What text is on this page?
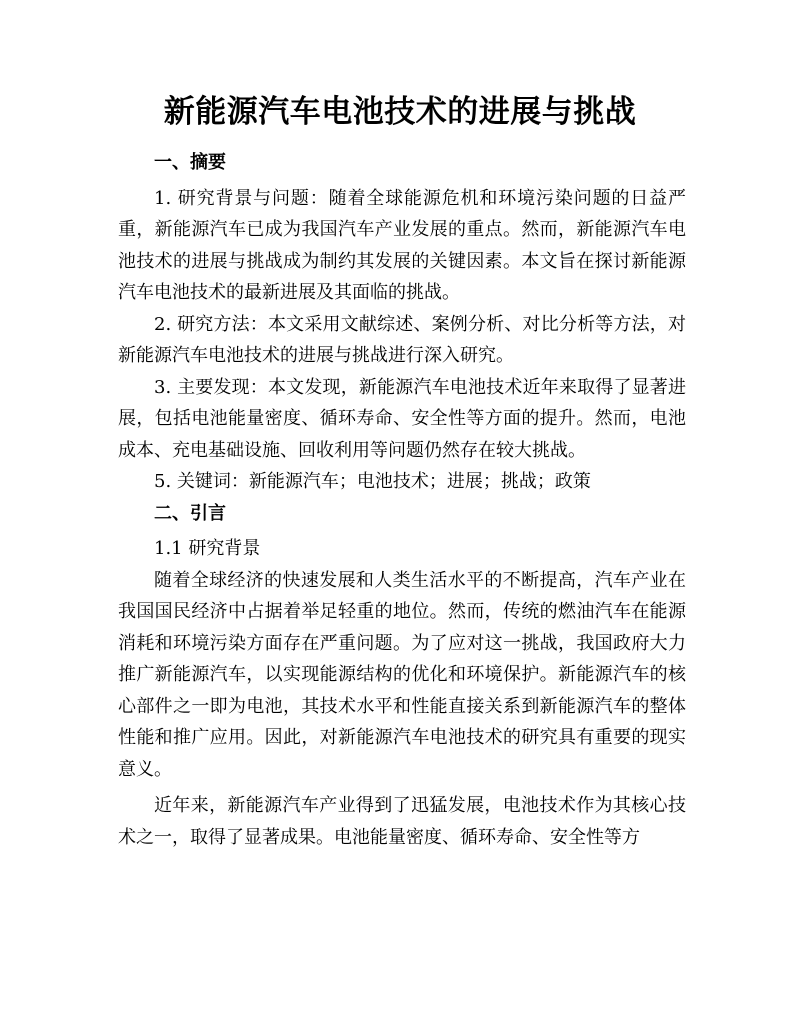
新能源汽车电池技术的进展与挑战

一、摘要

1. 研究背景与问题：随着全球能源危机和环境污染问题的日益严重，新能源汽车已成为我国汽车产业发展的重点。然而，新能源汽车电池技术的进展与挑战成为制约其发展的关键因素。本文旨在探讨新能源汽车电池技术的最新进展及其面临的挑战。

2. 研究方法：本文采用文献综述、案例分析、对比分析等方法，对新能源汽车电池技术的进展与挑战进行深入研究。

3. 主要发现：本文发现，新能源汽车电池技术近年来取得了显著进展，包括电池能量密度、循环寿命、安全性等方面的提升。然而，电池成本、充电基础设施、回收利用等问题仍然存在较大挑战。

5. 关键词：新能源汽车；电池技术；进展；挑战；政策

二、引言

1.1 研究背景

随着全球经济的快速发展和人类生活水平的不断提高，汽车产业在我国国民经济中占据着举足轻重的地位。然而，传统的燃油汽车在能源消耗和环境污染方面存在严重问题。为了应对这一挑战，我国政府大力推广新能源汽车，以实现能源结构的优化和环境保护。新能源汽车的核心部件之一即为电池，其技术水平和性能直接关系到新能源汽车的整体性能和推广应用。因此，对新能源汽车电池技术的研究具有重要的现实意义。

近年来，新能源汽车产业得到了迅猛发展，电池技术作为其核心技术之一，取得了显著成果。电池能量密度、循环寿命、安全性等方
